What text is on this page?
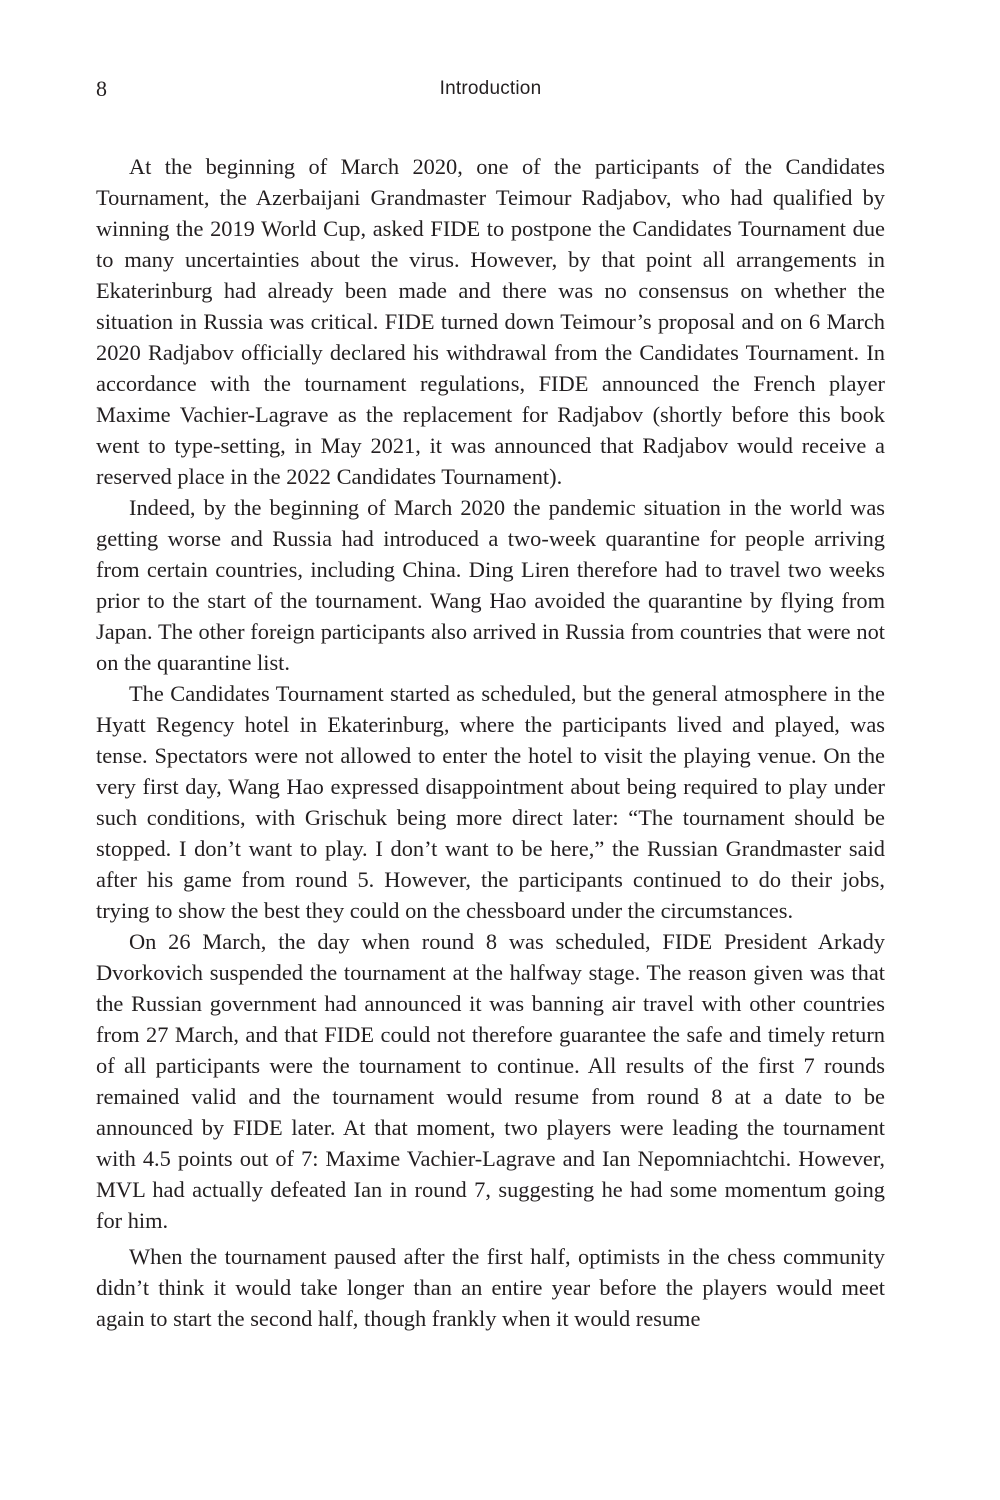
8	Introduction

At the beginning of March 2020, one of the participants of the Candidates Tournament, the Azerbaijani Grandmaster Teimour Radjabov, who had qualified by winning the 2019 World Cup, asked FIDE to postpone the Candidates Tournament due to many uncertainties about the virus. However, by that point all arrangements in Ekaterinburg had already been made and there was no consensus on whether the situation in Russia was critical. FIDE turned down Teimour’s proposal and on 6 March 2020 Radjabov officially declared his withdrawal from the Candidates Tournament. In accordance with the tournament regulations, FIDE announced the French player Maxime Vachier-Lagrave as the replacement for Radjabov (shortly before this book went to type-setting, in May 2021, it was announced that Radjabov would receive a reserved place in the 2022 Candidates Tournament).

Indeed, by the beginning of March 2020 the pandemic situation in the world was getting worse and Russia had introduced a two-week quarantine for people arriving from certain countries, including China. Ding Liren therefore had to travel two weeks prior to the start of the tournament. Wang Hao avoided the quarantine by flying from Japan. The other foreign participants also arrived in Russia from countries that were not on the quarantine list.

The Candidates Tournament started as scheduled, but the general atmosphere in the Hyatt Regency hotel in Ekaterinburg, where the participants lived and played, was tense. Spectators were not allowed to enter the hotel to visit the playing venue. On the very first day, Wang Hao expressed disappointment about being required to play under such conditions, with Grischuk being more direct later: “The tournament should be stopped. I don’t want to play. I don’t want to be here,” the Russian Grandmaster said after his game from round 5. However, the participants continued to do their jobs, trying to show the best they could on the chessboard under the circumstances.

On 26 March, the day when round 8 was scheduled, FIDE President Arkady Dvorkovich suspended the tournament at the halfway stage. The reason given was that the Russian government had announced it was banning air travel with other countries from 27 March, and that FIDE could not therefore guarantee the safe and timely return of all participants were the tournament to continue. All results of the first 7 rounds remained valid and the tournament would resume from round 8 at a date to be announced by FIDE later. At that moment, two players were leading the tournament with 4.5 points out of 7: Maxime Vachier-Lagrave and Ian Nepomniachtchi. However, MVL had actually defeated Ian in round 7, suggesting he had some momentum going for him.

When the tournament paused after the first half, optimists in the chess community didn’t think it would take longer than an entire year before the players would meet again to start the second half, though frankly when it would resume
